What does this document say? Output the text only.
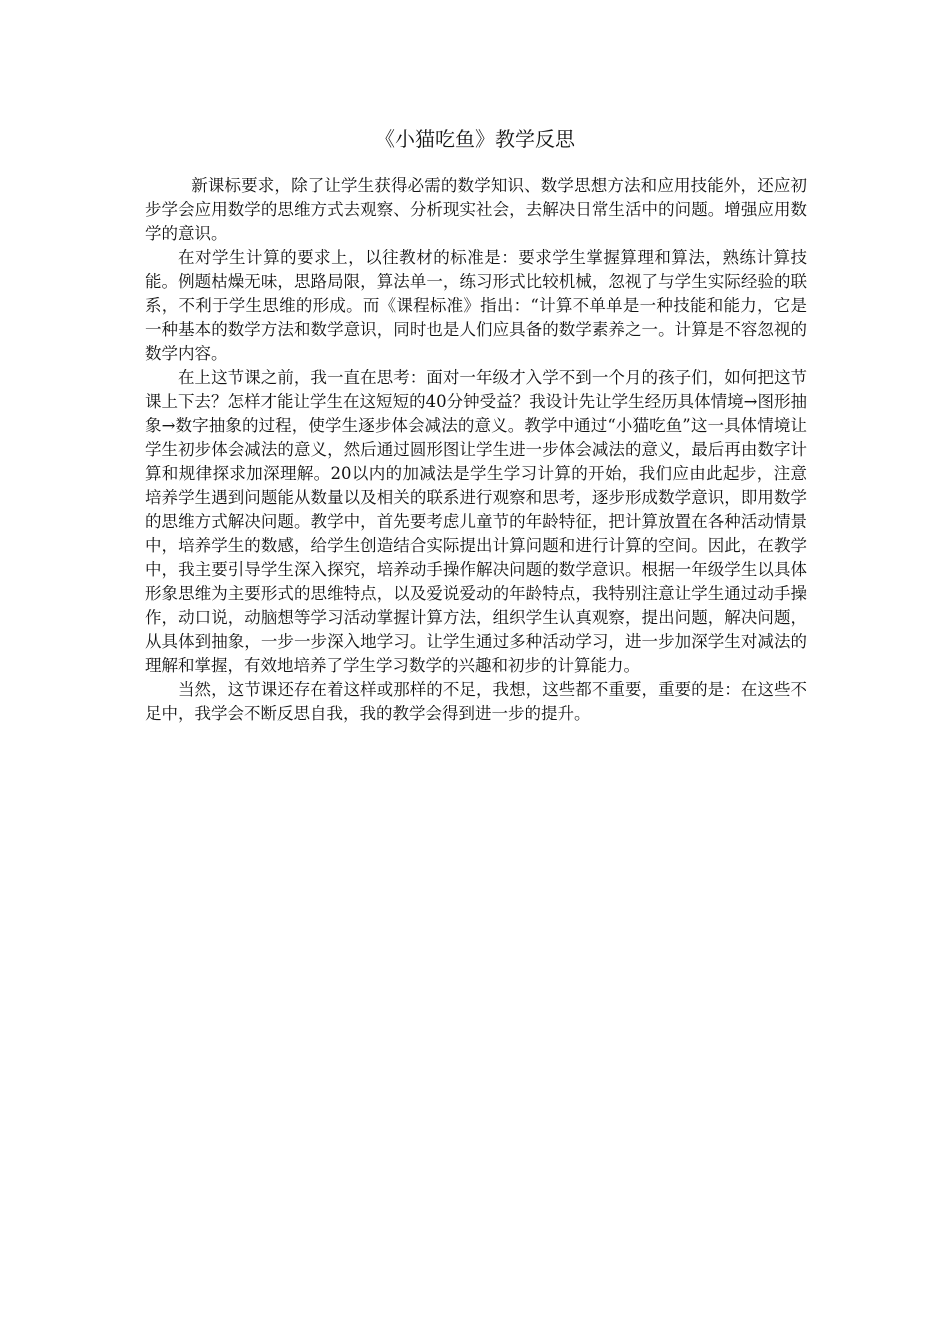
《小猫吃鱼》教学反思

新课标要求，除了让学生获得必需的数学知识、数学思想方法和应用技能外，还应初步学会应用数学的思维方式去观察、分析现实社会，去解决日常生活中的问题。增强应用数学的意识。

在对学生计算的要求上，以往教材的标准是：要求学生掌握算理和算法，熟练计算技能。例题枯燥无味，思路局限，算法单一，练习形式比较机械，忽视了与学生实际经验的联系，不利于学生思维的形成。而《课程标准》指出：“计算不单单是一种技能和能力，它是一种基本的数学方法和数学意识，同时也是人们应具备的数学素养之一。计算是不容忽视的数学内容。

在上这节课之前，我一直在思考：面对一年级才入学不到一个月的孩子们，如何把这节课上下去？怎样才能让学生在这短短的40分钟受益？我设计先让学生经历具体情境→图形抽象→数字抽象的过程，使学生逐步体会减法的意义。教学中通过“小猫吃鱼”这一具体情境让学生初步体会减法的意义，然后通过圆形图让学生进一步体会减法的意义，最后再由数字计算和规律探求加深理解。20以内的加减法是学生学习计算的开始，我们应由此起步，注意培养学生遇到问题能从数量以及相关的联系进行观察和思考，逐步形成数学意识，即用数学的思维方式解决问题。教学中，首先要考虑儿童节的年龄特征，把计算放置在各种活动情景中，培养学生的数感，给学生创造结合实际提出计算问题和进行计算的空间。因此，在教学中，我主要引导学生深入探究，培养动手操作解决问题的数学意识。根据一年级学生以具体形象思维为主要形式的思维特点，以及爱说爱动的年龄特点，我特别注意让学生通过动手操作，动口说，动脑想等学习活动掌握计算方法，组织学生认真观察，提出问题，解决问题，从具体到抽象，一步一步深入地学习。让学生通过多种活动学习，进一步加深学生对减法的理解和掌握，有效地培养了学生学习数学的兴趣和初步的计算能力。

当然，这节课还存在着这样或那样的不足，我想，这些都不重要，重要的是：在这些不足中，我学会不断反思自我，我的教学会得到进一步的提升。
